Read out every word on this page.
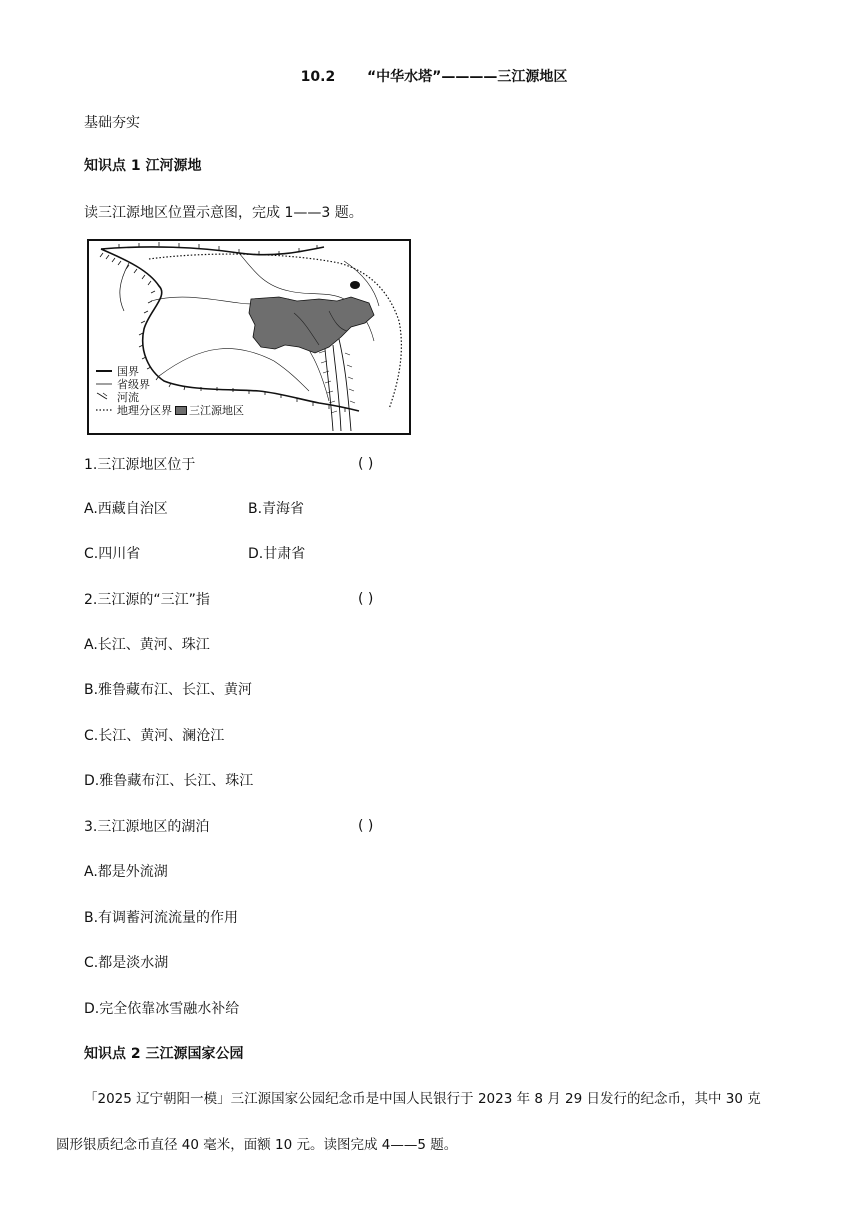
10.2 “中华水塔”————三江源地区
基础夯实
知识点 1 江河源地
读三江源地区位置示意图，完成 1——3 题。
国界
省级界
河流
地理分区界 三江源地区
1.三江源地区位于	( )
A.西藏自治区	B.青海省
C.四川省	D.甘肃省
2.三江源的“三江”指	( )
A.长江、黄河、珠江
B.雅鲁藏布江、长江、黄河
C.长江、黄河、澜沧江
D.雅鲁藏布江、长江、珠江
3.三江源地区的湖泊	( )
A.都是外流湖
B.有调蓄河流流量的作用
C.都是淡水湖
D.完全依靠冰雪融水补给
知识点 2 三江源国家公园
「2025 辽宁朝阳一模」三江源国家公园纪念币是中国人民银行于 2023 年 8 月 29 日发行的纪念币，其中 30 克
圆形银质纪念币直径 40 毫米，面额 10 元。读图完成 4——5 题。
